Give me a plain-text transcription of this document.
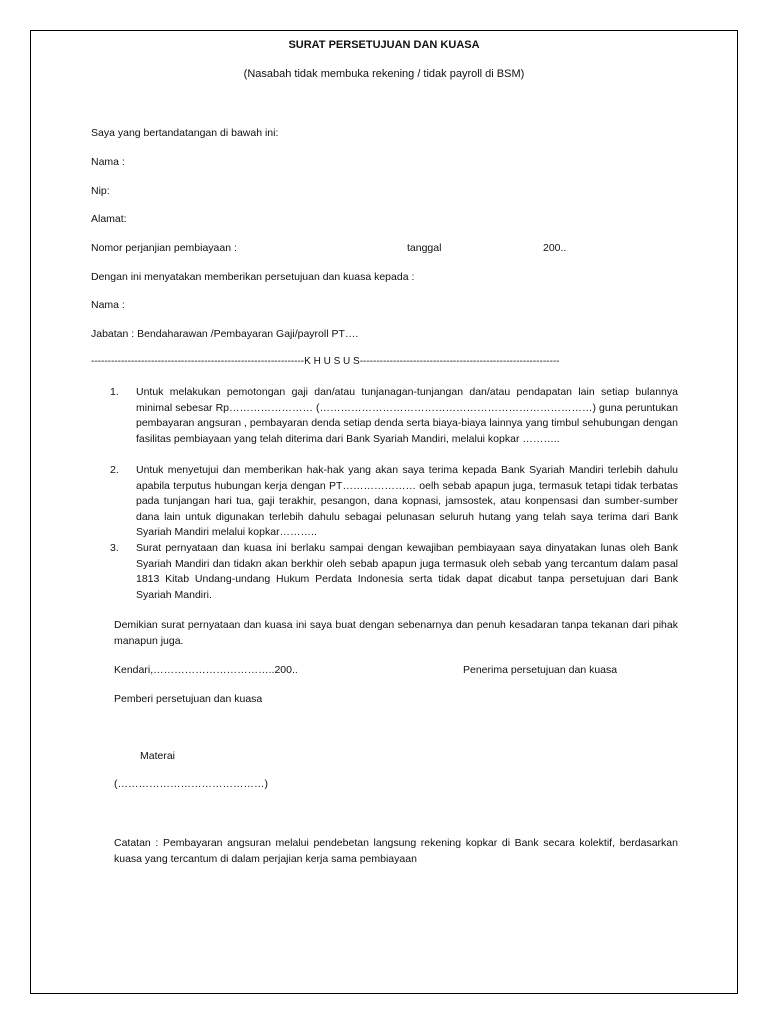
SURAT PERSETUJUAN DAN KUASA
(Nasabah tidak membuka rekening / tidak payroll di BSM)
Saya yang bertandatangan di bawah ini:
Nama :
Nip:
Alamat:
Nomor perjanjian pembiayaan :	tanggal	200..
Dengan ini menyatakan memberikan persetujuan dan kuasa kepada :
Nama :
Jabatan : Bendaharawan /Pembayaran Gaji/payroll PT….
----------------------------------------------------------------K H U S U S------------------------------------------------------------
1. Untuk melakukan pemotongan gaji dan/atau tunjanagan-tunjangan dan/atau pendapatan lain setiap bulannya minimal sebesar Rp…………………… (……………………………………………………………………) guna peruntukan pembayaran angsuran , pembayaran denda setiap denda serta biaya-biaya lainnya yang timbul sehubungan dengan fasilitas pembiayaan yang telah diterima dari Bank Syariah Mandiri, melalui kopkar ………..
2. Untuk menyetujui dan memberikan hak-hak yang akan saya terima kepada Bank Syariah Mandiri terlebih dahulu apabila terputus hubungan kerja dengan PT………………… oelh sebab apapun juga, termasuk tetapi tidak terbatas pada tunjangan hari tua, gaji terakhir, pesangon, dana kopnasi, jamsostek, atau konpensasi dan sumber-sumber dana lain untuk digunakan terlebih dahulu sebagai pelunasan seluruh hutang yang telah saya terima dari Bank Syariah Mandiri melalui kopkar………..
3. Surat pernyataan dan kuasa ini berlaku sampai dengan kewajiban pembiayaan saya dinyatakan lunas oleh Bank Syariah Mandiri dan tidakn akan berkhir oleh sebab apapun juga termasuk oleh sebab yang tercantum dalam pasal 1813 Kitab Undang-undang Hukum Perdata Indonesia serta tidak dapat dicabut tanpa persetujuan dari Bank Syariah Mandiri.
Demikian surat pernyataan dan kuasa ini saya buat dengan sebenarnya dan penuh kesadaran tanpa tekanan dari pihak manapun juga.
Kendari,……………………………..200..	Penerima persetujuan dan kuasa
Pemberi persetujuan dan kuasa
Materai
(……………………………………)
Catatan : Pembayaran angsuran melalui pendebetan langsung rekening kopkar di Bank secara kolektif, berdasarkan kuasa yang tercantum di dalam perjajian kerja sama pembiayaan
